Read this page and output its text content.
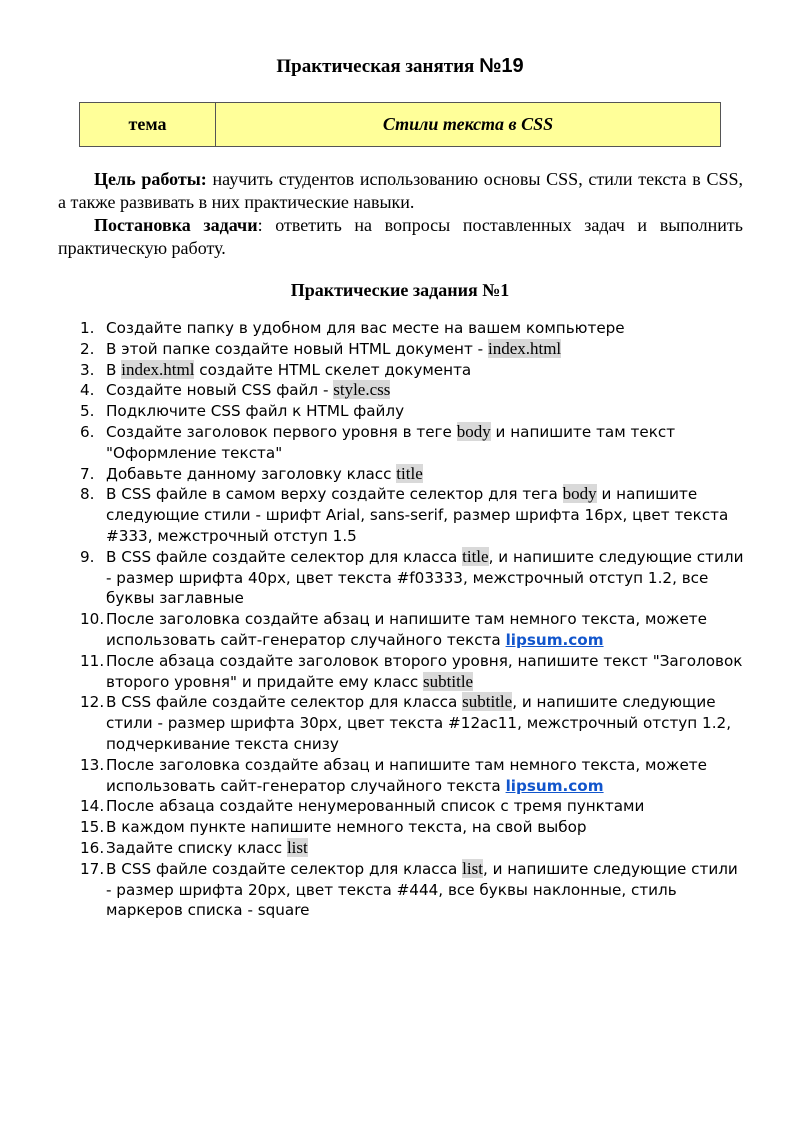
Практическая занятия №19
тема	Стили текста в CSS

Цель работы: научить студентов использованию основы CSS, стили текста в CSS, а также развивать в них практические навыки.

Постановка задачи: ответить на вопросы поставленных задач и выполнить практическую работу.

Практические задания №1
1. Создайте папку в удобном для вас месте на вашем компьютере
2. В этой папке создайте новый HTML документ - index.html
3. В index.html создайте HTML скелет документа
4. Создайте новый CSS файл - style.css
5. Подключите CSS файл к HTML файлу
6. Создайте заголовок первого уровня в теге body и напишите там текст "Оформление текста"
7. Добавьте данному заголовку класс title
8. В CSS файле в самом верху создайте селектор для тега body и напишите следующие стили - шрифт Arial, sans-serif, размер шрифта 16px, цвет текста #333, межстрочный отступ 1.5
9. В CSS файле создайте селектор для класса title, и напишите следующие стили - размер шрифта 40px, цвет текста #f03333, межстрочный отступ 1.2, все буквы заглавные
10. После заголовка создайте абзац и напишите там немного текста, можете использовать сайт-генератор случайного текста lipsum.com
11. После абзаца создайте заголовок второго уровня, напишите текст "Заголовок второго уровня" и придайте ему класс subtitle
12. В CSS файле создайте селектор для класса subtitle, и напишите следующие стили - размер шрифта 30px, цвет текста #12ac11, межстрочный отступ 1.2, подчеркивание текста снизу
13. После заголовка создайте абзац и напишите там немного текста, можете использовать сайт-генератор случайного текста lipsum.com
14. После абзаца создайте ненумерованный список с тремя пунктами
15. В каждом пункте напишите немного текста, на свой выбор
16. Задайте списку класс list
17. В CSS файле создайте селектор для класса list, и напишите следующие стили - размер шрифта 20px, цвет текста #444, все буквы наклонные, стиль маркеров списка - square
